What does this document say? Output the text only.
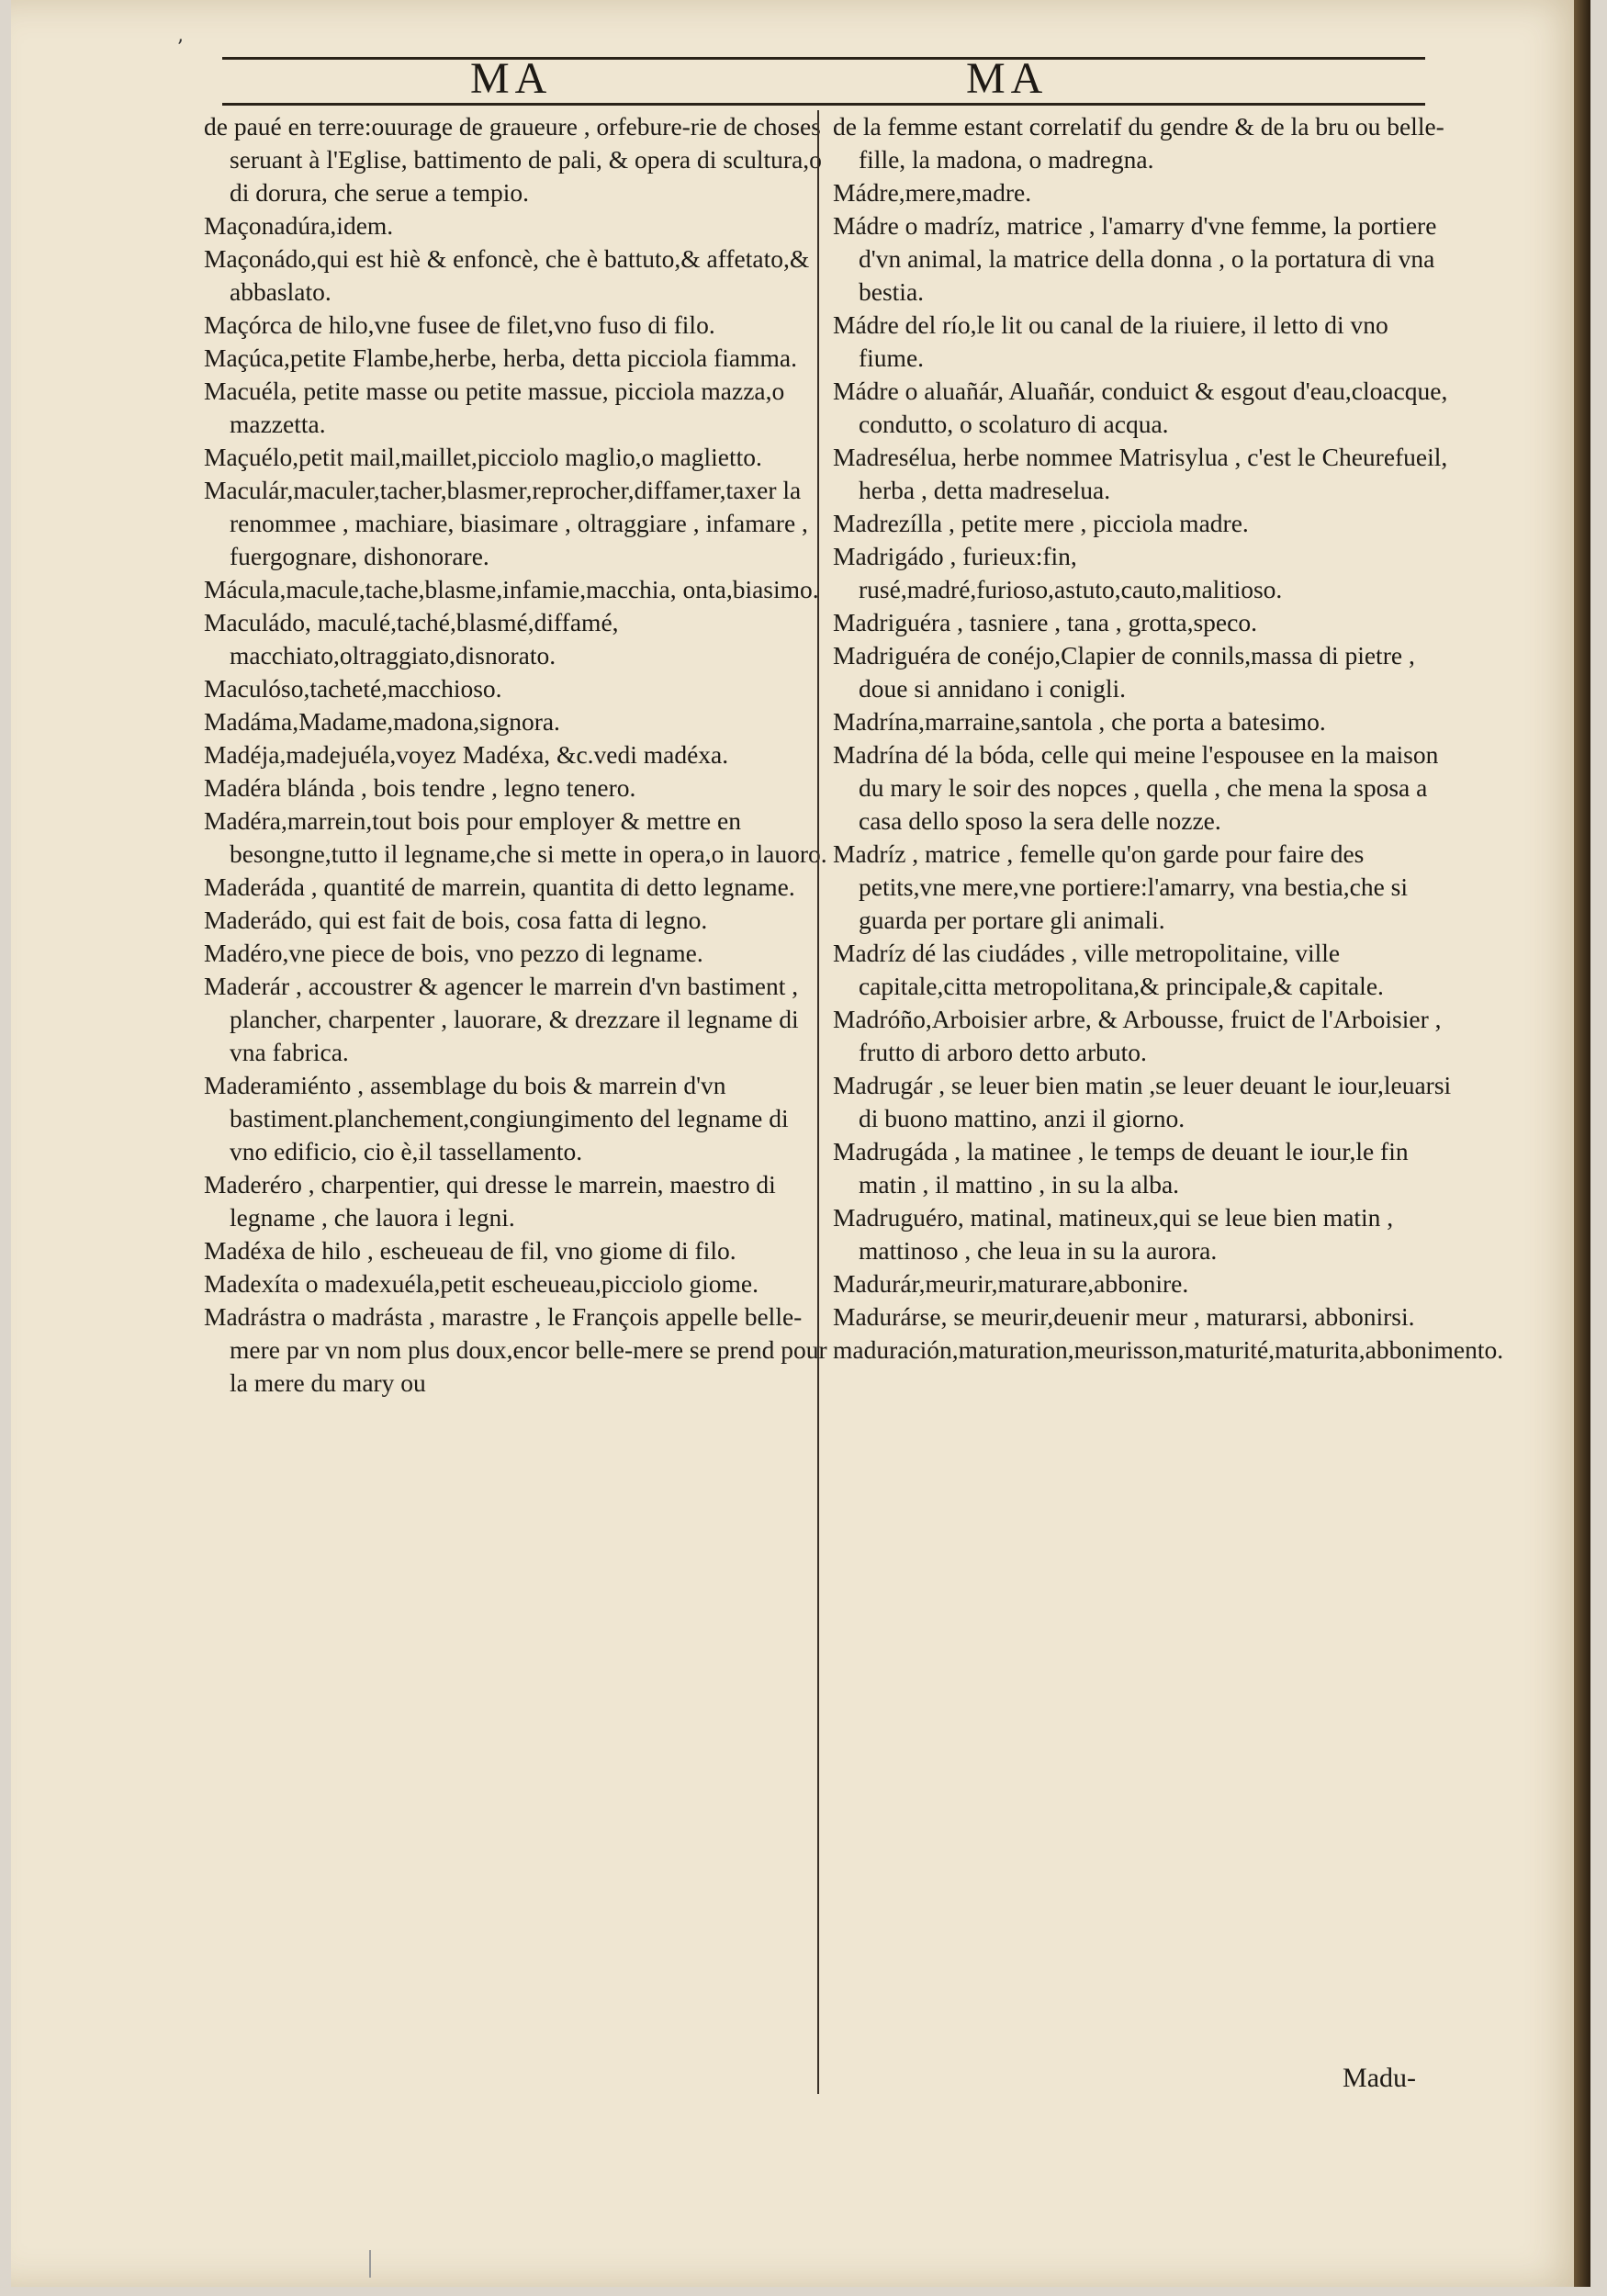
ʼ
MA	MA

de paué en terre:ouurage de graueure , orfebure-rie de choses seruant à l'Eglise, battimento de pali, & opera di scultura,o di dorura, che serue a tempio.

Maçonadúra,idem.

Maçonádo,qui est hiè & enfoncè, che è battuto,& affetato,& abbaslato.

Maçórca de hilo,vne fusee de filet,vno fuso di filo.

Maçúca,petite Flambe,herbe, herba, detta picciola fiamma.

Macuéla, petite masse ou petite massue, picciola mazza,o mazzetta.

Maçuélo,petit mail,maillet,picciolo maglio,o maglietto.

Maculár,maculer,tacher,blasmer,reprocher,diffamer,taxer la renommee , machiare, biasimare , oltraggiare , infamare , fuergognare, dishonorare.

Mácula,macule,tache,blasme,infamie,macchia, onta,biasimo.

Maculádo, maculé,taché,blasmé,diffamé, macchiato,oltraggiato,disnorato.

Maculóso,tacheté,macchioso.

Madáma,Madame,madona,signora.

Madéja,madejuéla,voyez Madéxa, &c.vedi madéxa.

Madéra blánda , bois tendre , legno tenero.

Madéra,marrein,tout bois pour employer & mettre en besongne,tutto il legname,che si mette in opera,o in lauoro.

Maderáda , quantité de marrein, quantita di detto legname.

Maderádo, qui est fait de bois, cosa fatta di legno.

Madéro,vne piece de bois, vno pezzo di legname.

Maderár , accoustrer & agencer le marrein d'vn bastiment , plancher, charpenter , lauorare, & drezzare il legname di vna fabrica.

Maderamiénto , assemblage du bois & marrein d'vn bastiment.planchement,congiungimento del legname di vno edificio, cio è,il tassellamento.

Maderéro , charpentier, qui dresse le marrein, maestro di legname , che lauora i legni.

Madéxa de hilo , escheueau de fil, vno giome di filo.

Madexíta o madexuéla,petit escheueau,picciolo giome.

Madrástra o madrásta , marastre , le François appelle belle-mere par vn nom plus doux,encor belle-mere se prend pour la mere du mary ou

de la femme estant correlatif du gendre & de la bru ou belle-fille, la madona, o madregna.

Mádre,mere,madre.

Mádre o madríz, matrice , l'amarry d'vne femme, la portiere d'vn animal, la matrice della donna , o la portatura di vna bestia.

Mádre del río,le lit ou canal de la riuiere, il letto di vno fiume.

Mádre o aluañár, Aluañár, conduict & esgout d'eau,cloacque, condutto, o scolaturo di acqua.

Madreséluа, herbe nommee Matrisylua , c'est le Cheurefueil, herba , detta madreselua.

Madrezílla , petite mere , picciola madre.

Madrigádo , furieux:fin, rusé,madré,furioso,astuto,cauto,malitioso.

Madriguéra , tasniere , tana , grotta,speco.

Madriguéra de conéjo,Clapier de connils,massa di pietre , doue si annidano i conigli.

Madrína,marraine,santola , che porta a batesimo.

Madrína dé la bóda, celle qui meine l'espousee en la maison du mary le soir des nopces , quella , che mena la sposa a casa dello sposo la sera delle nozze.

Madríz , matrice , femelle qu'on garde pour faire des petits,vne mere,vne portiere:l'amarry, vna bestia,che si guarda per portare gli animali.

Madríz dé las ciudádes , ville metropolitaine, ville capitale,citta metropolitana,& principale,& capitale.

Madróño,Arboisier arbre, & Arbousse, fruict de l'Arboisier , frutto di arboro detto arbuto.

Madrugár , se leuer bien matin ,se leuer deuant le iour,leuarsi di buono mattino, anzi il giorno.

Madrugáda , la matinee , le temps de deuant le iour,le fin matin , il mattino , in su la alba.

Madruguéro, matinal, matineux,qui se leue bien matin , mattinoso , che leua in su la aurora.

Madurár,meurir,maturare,abbonire.

Madurárse, se meurir,deuenir meur , maturarsi, abbonirsi.

maduración,maturation,meurisson,maturité,maturita,abbonimento.

Madu-
